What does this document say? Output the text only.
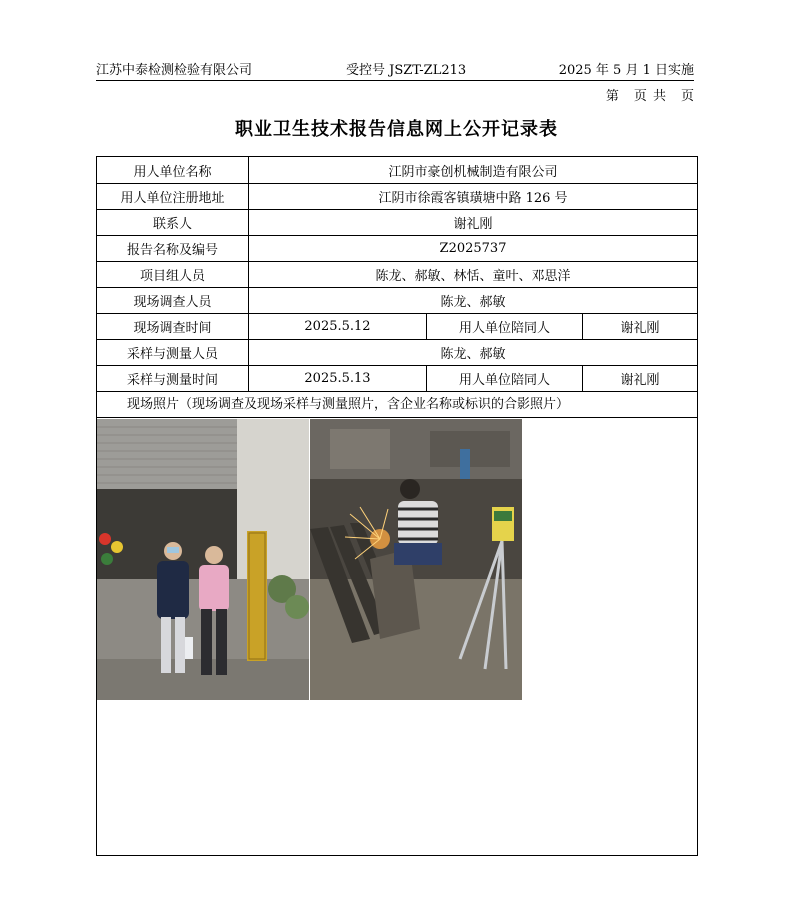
江苏中泰检测检验有限公司	受控号 JSZT-ZL213	2025 年 5 月 1 日实施
第　页 共　页
职业卫生技术报告信息网上公开记录表
用人单位名称	江阴市豪创机械制造有限公司
用人单位注册地址	江阴市徐霞客镇璜塘中路 126 号
联系人	谢礼刚
报告名称及编号	Z2025737
项目组人员	陈龙、郝敏、林恬、童叶、邓思洋
现场调查人员	陈龙、郝敏
现场调查时间	2025.5.12	用人单位陪同人	谢礼刚
采样与测量人员	陈龙、郝敏
采样与测量时间	2025.5.13	用人单位陪同人	谢礼刚
现场照片（现场调查及现场采样与测量照片，含企业名称或标识的合影照片）
